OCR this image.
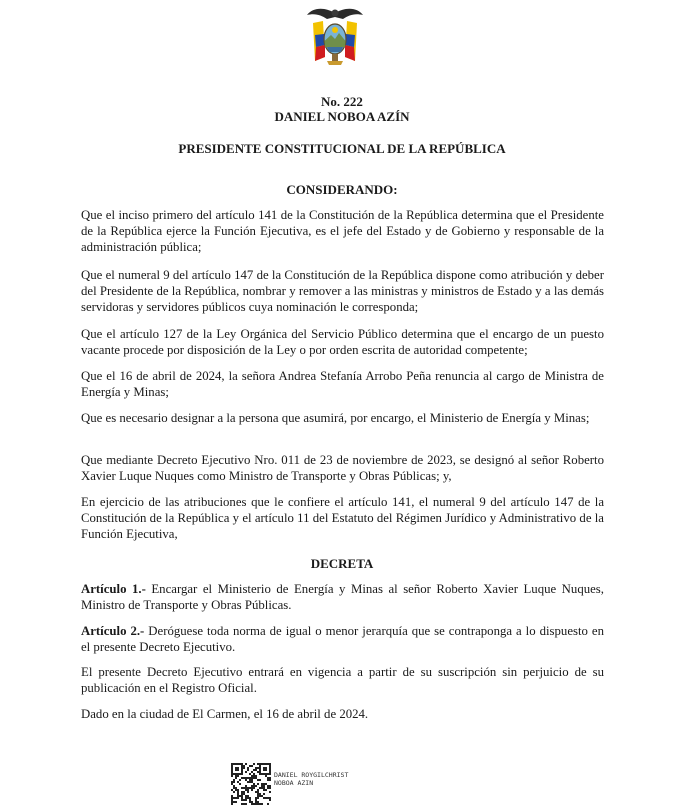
No. 222
DANIEL NOBOA AZÍN
PRESIDENTE CONSTITUCIONAL DE LA REPÚBLICA
CONSIDERANDO:
Que el inciso primero del artículo 141 de la Constitución de la República determina que el Presidente de la República ejerce la Función Ejecutiva, es el jefe del Estado y de Gobierno y responsable de la administración pública;
Que el numeral 9 del artículo 147 de la Constitución de la República dispone como atribución y deber del Presidente de la República, nombrar y remover a las ministras y ministros de Estado y a las demás servidoras y servidores públicos cuya nominación le corresponda;
Que el artículo 127 de la Ley Orgánica del Servicio Público determina que el encargo de un puesto vacante procede por disposición de la Ley o por orden escrita de autoridad competente;
Que el 16 de abril de 2024, la señora Andrea Stefanía Arrobo Peña renuncia al cargo de Ministra de Energía y Minas;
Que es necesario designar a la persona que asumirá, por encargo, el Ministerio de Energía y Minas;
Que mediante Decreto Ejecutivo Nro. 011 de 23 de noviembre de 2023, se designó al señor Roberto Xavier Luque Nuques como Ministro de Transporte y Obras Públicas; y,
En ejercicio de las atribuciones que le confiere el artículo 141, el numeral 9 del artículo 147 de la Constitución de la República y el artículo 11 del Estatuto del Régimen Jurídico y Administrativo de la Función Ejecutiva,
DECRETA
Artículo 1.- Encargar el Ministerio de Energía y Minas al señor Roberto Xavier Luque Nuques, Ministro de Transporte y Obras Públicas.
Artículo 2.- Deróguese toda norma de igual o menor jerarquía que se contraponga a lo dispuesto en el presente Decreto Ejecutivo.
El presente Decreto Ejecutivo entrará en vigencia a partir de su suscripción sin perjuicio de su publicación en el Registro Oficial.
Dado en la ciudad de El Carmen, el 16 de abril de 2024.
DANIEL ROYGILCHRIST
NOBOA AZIN
